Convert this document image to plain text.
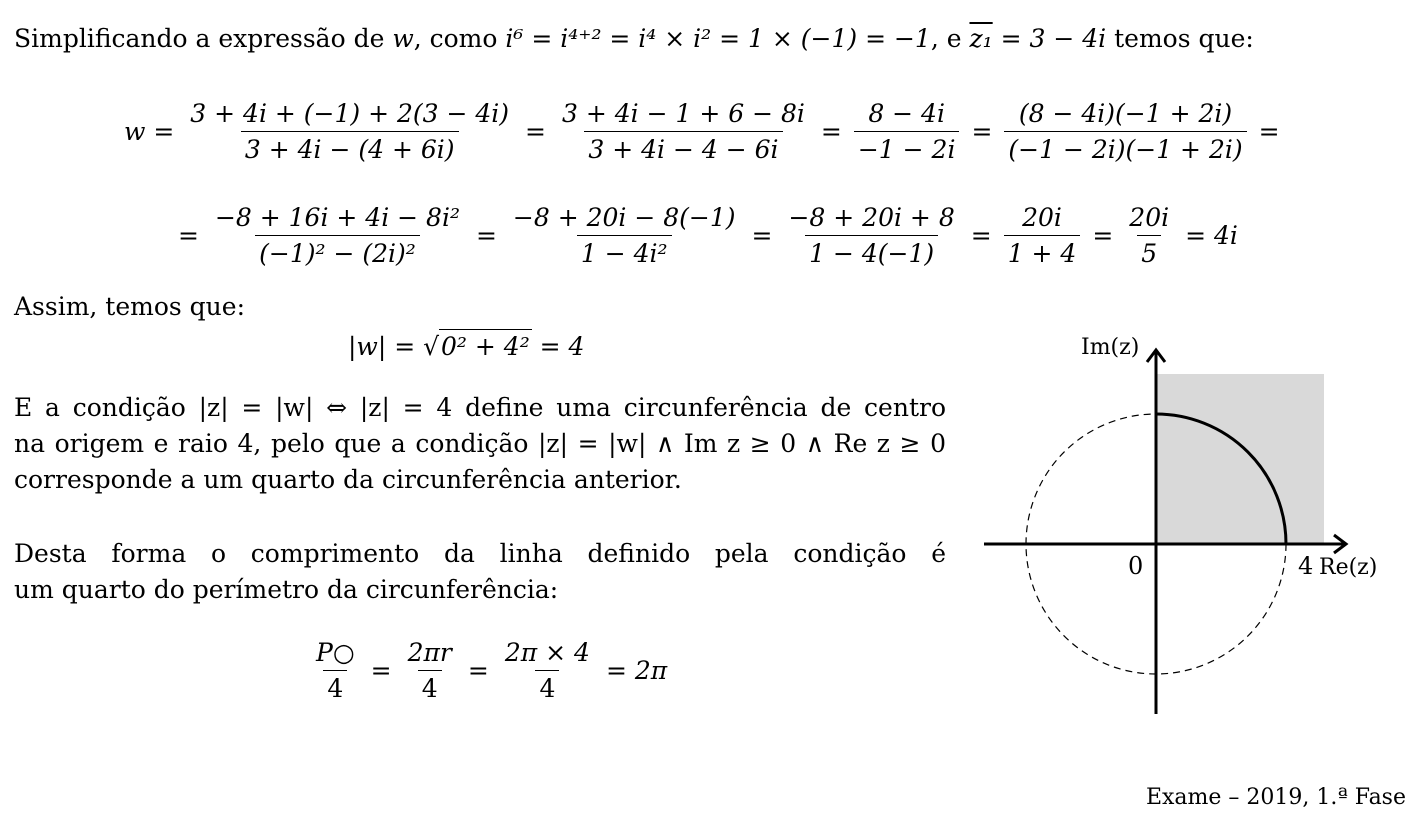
Simplificando a expressão de w, como i⁶ = i⁴⁺² = i⁴ × i² = 1 × (−1) = −1, e z₁ = 3 − 4i temos que:
$w = \frac{3 + 4i + (-1) + 2(3 - 4i)}{3 + 4i - (4 + 6i)} = \frac{3 + 4i - 1 + 6 - 8i}{3 + 4i - 4 - 6i} = \frac{8 - 4i}{-1 - 2i} = \frac{(8 - 4i)(-1 + 2i)}{(-1 - 2i)(-1 + 2i)}$ =
= $\frac{\text{−8 + 16i + 4i − 8i²}}{\text{(−1)² − (2i)²}} = \frac{-8 + 20i - 8(-1)}{\text{1 − 4i²}} = \frac{-8 + 20i + 8}{1 - 4(-1)} = \frac{20i}{1 + 4} = \frac{20i}{5} = 4i$
Assim, temos que:
|w| = √0² + 4² = 4
E a condição |z| = |w| ⇔ |z| = 4 define uma circunferência de centro
na origem e raio 4, pelo que a condição |z| = |w| ∧ Im z ≥ 0 ∧ Re z ≥ 0
corresponde a um quarto da circunferência anterior.
Desta forma o comprimento da linha definido pela condição é
um quarto do perímetro da circunferência:
$\frac{P○}{4} = \frac{2\pi r}{4} = \frac{2\pi \times 4}{4} = 2\pi$
Im(z)
Re(z)
0	4
Exame – 2019, 1.ª Fase
